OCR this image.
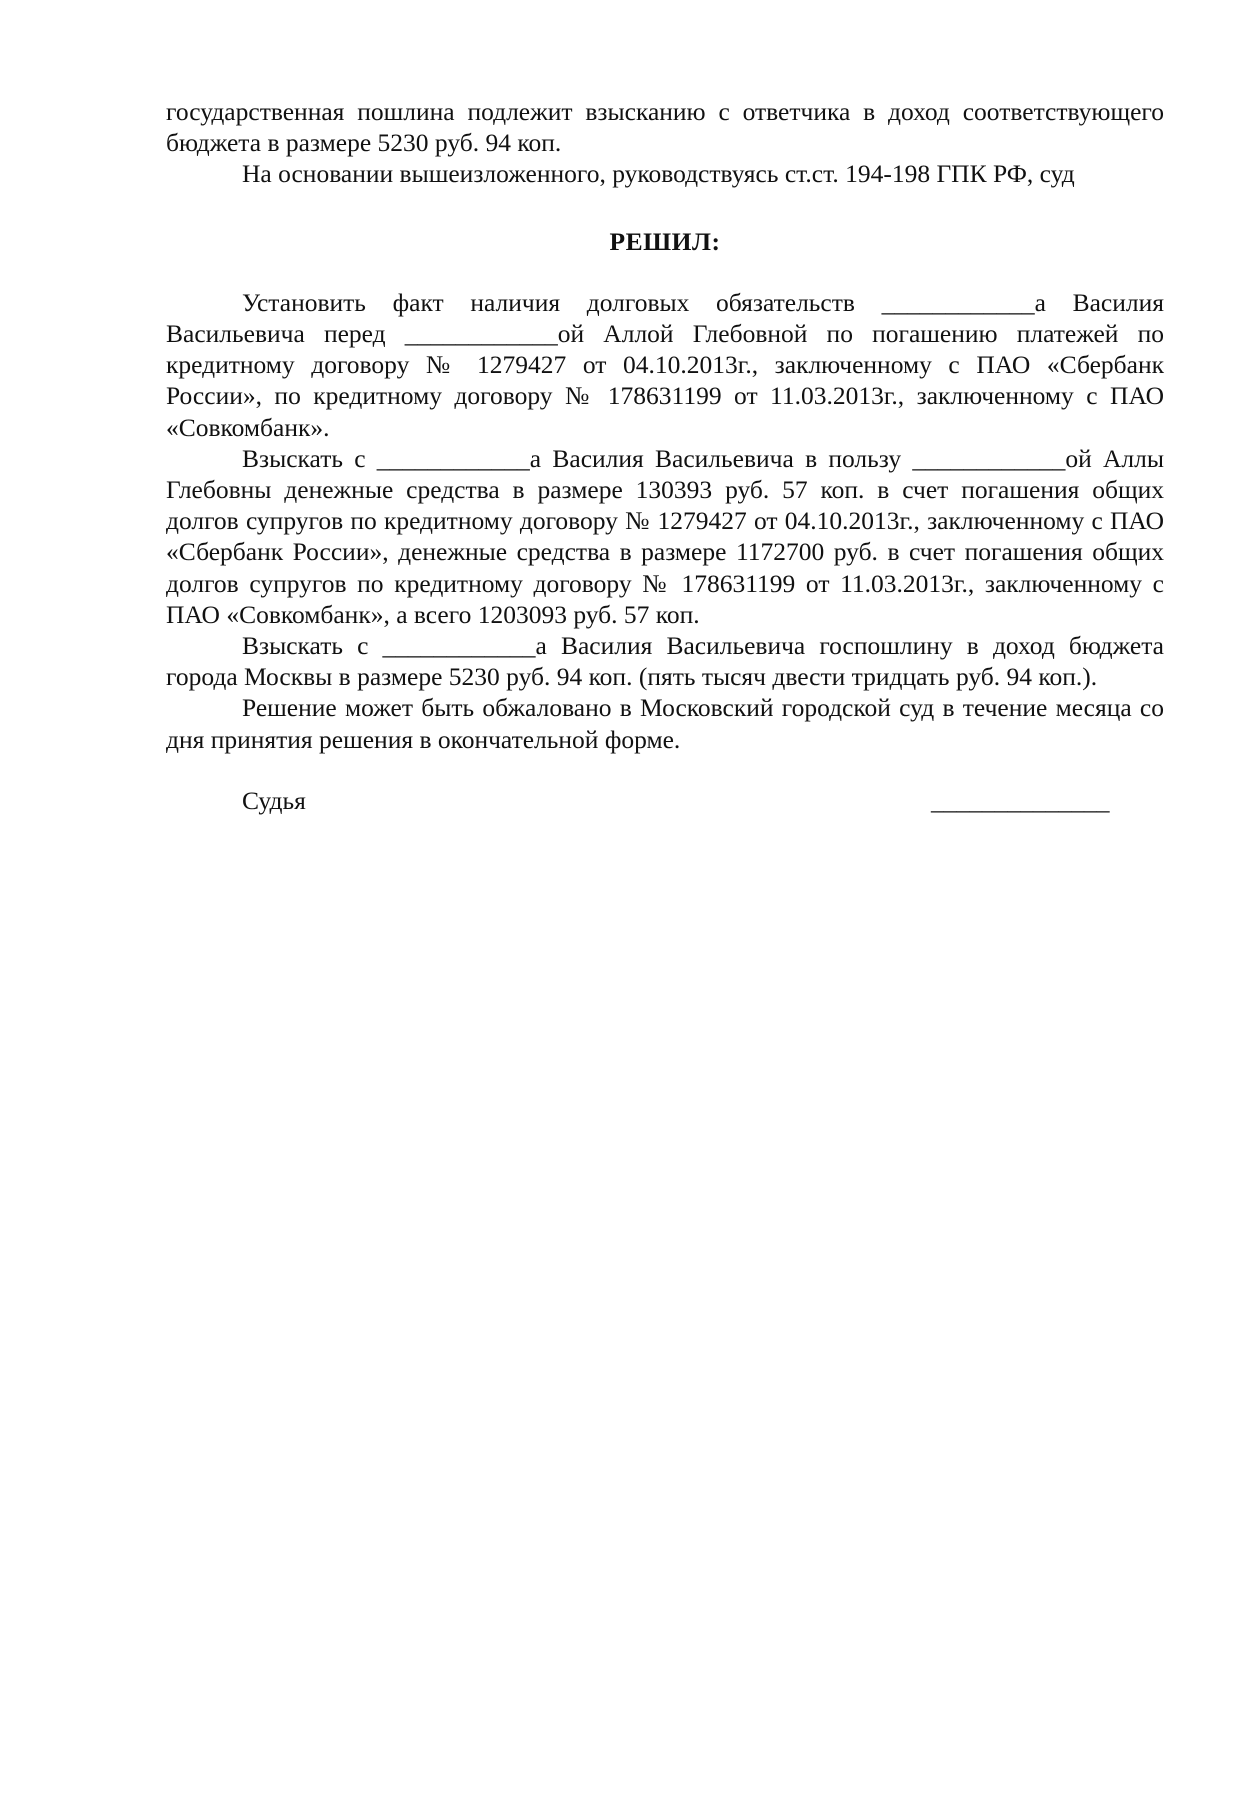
государственная пошлина подлежит взысканию с ответчика в доход соответствующего бюджета в размере 5230 руб. 94 коп.

На основании вышеизложенного, руководствуясь ст.ст. 194-198 ГПК РФ, суд

РЕШИЛ:

Установить факт наличия долговых обязательств ____________а Василия Васильевича перед ____________ой Аллой Глебовной по погашению платежей по кредитному договору № 1279427 от 04.10.2013г., заключенному с ПАО «Сбербанк России», по кредитному договору № 178631199 от 11.03.2013г., заключенному с ПАО «Совкомбанк».

Взыскать с ____________а Василия Васильевича в пользу ____________ой Аллы Глебовны денежные средства в размере 130393 руб. 57 коп. в счет погашения общих долгов супругов по кредитному договору № 1279427 от 04.10.2013г., заключенному с ПАО «Сбербанк России», денежные средства в размере 1172700 руб. в счет погашения общих долгов супругов по кредитному договору № 178631199 от 11.03.2013г., заключенному с ПАО «Совкомбанк», а всего 1203093 руб. 57 коп.

Взыскать с ____________а Василия Васильевича госпошлину в доход бюджета города Москвы в размере 5230 руб. 94 коп. (пять тысяч двести тридцать руб. 94 коп.).

Решение может быть обжаловано в Московский городской суд в течение месяца со дня принятия решения в окончательной форме.

Судья	______________
